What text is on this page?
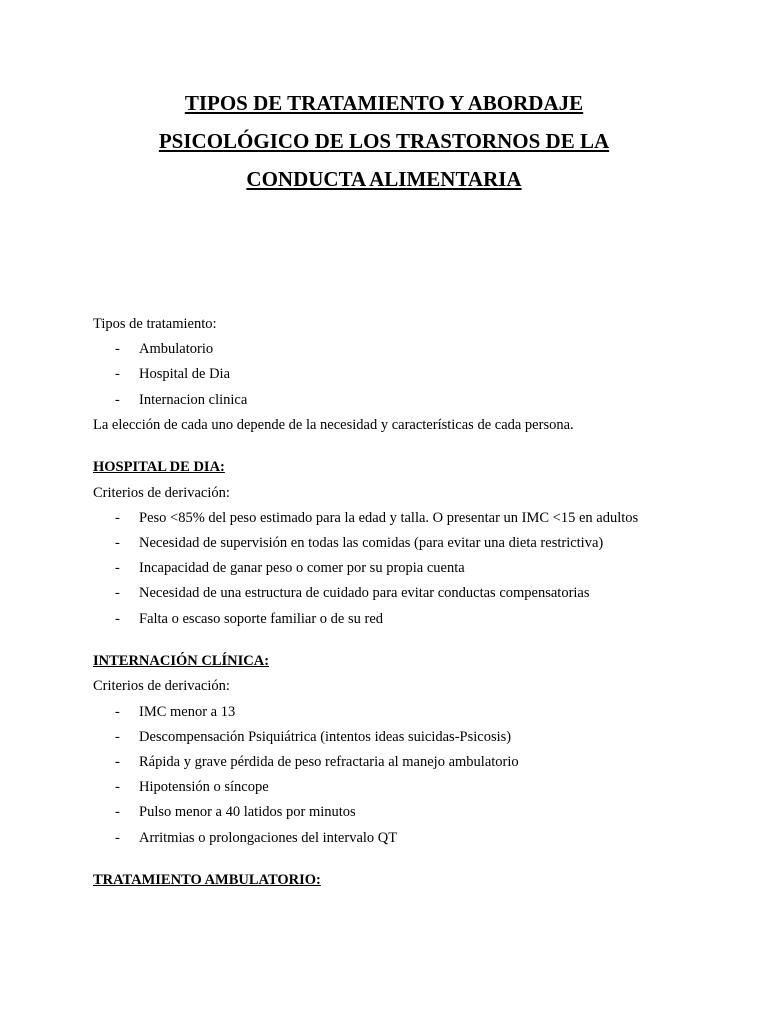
TIPOS DE TRATAMIENTO Y ABORDAJE

PSICOLÓGICO DE LOS TRASTORNOS DE LA

CONDUCTA ALIMENTARIA

Tipos de tratamiento:

- Ambulatorio
- Hospital de Dia
- Internacion clinica

La elección de cada uno depende de la necesidad y características de cada persona.

HOSPITAL DE DIA:

Criterios de derivación:

- Peso <85% del peso estimado para la edad y talla. O presentar un IMC <15 en adultos
- Necesidad de supervisión en todas las comidas (para evitar una dieta restrictiva)
- Incapacidad de ganar peso o comer por su propia cuenta
- Necesidad de una estructura de cuidado para evitar conductas compensatorias
- Falta o escaso soporte familiar o de su red

INTERNACIÓN CLÍNICA:

Criterios de derivación:

- IMC menor a 13
- Descompensación Psiquiátrica (intentos ideas suicidas-Psicosis)
- Rápida y grave pérdida de peso refractaria al manejo ambulatorio
- Hipotensión o síncope
- Pulso menor a 40 latidos por minutos
- Arritmias o prolongaciones del intervalo QT

TRATAMIENTO AMBULATORIO:
